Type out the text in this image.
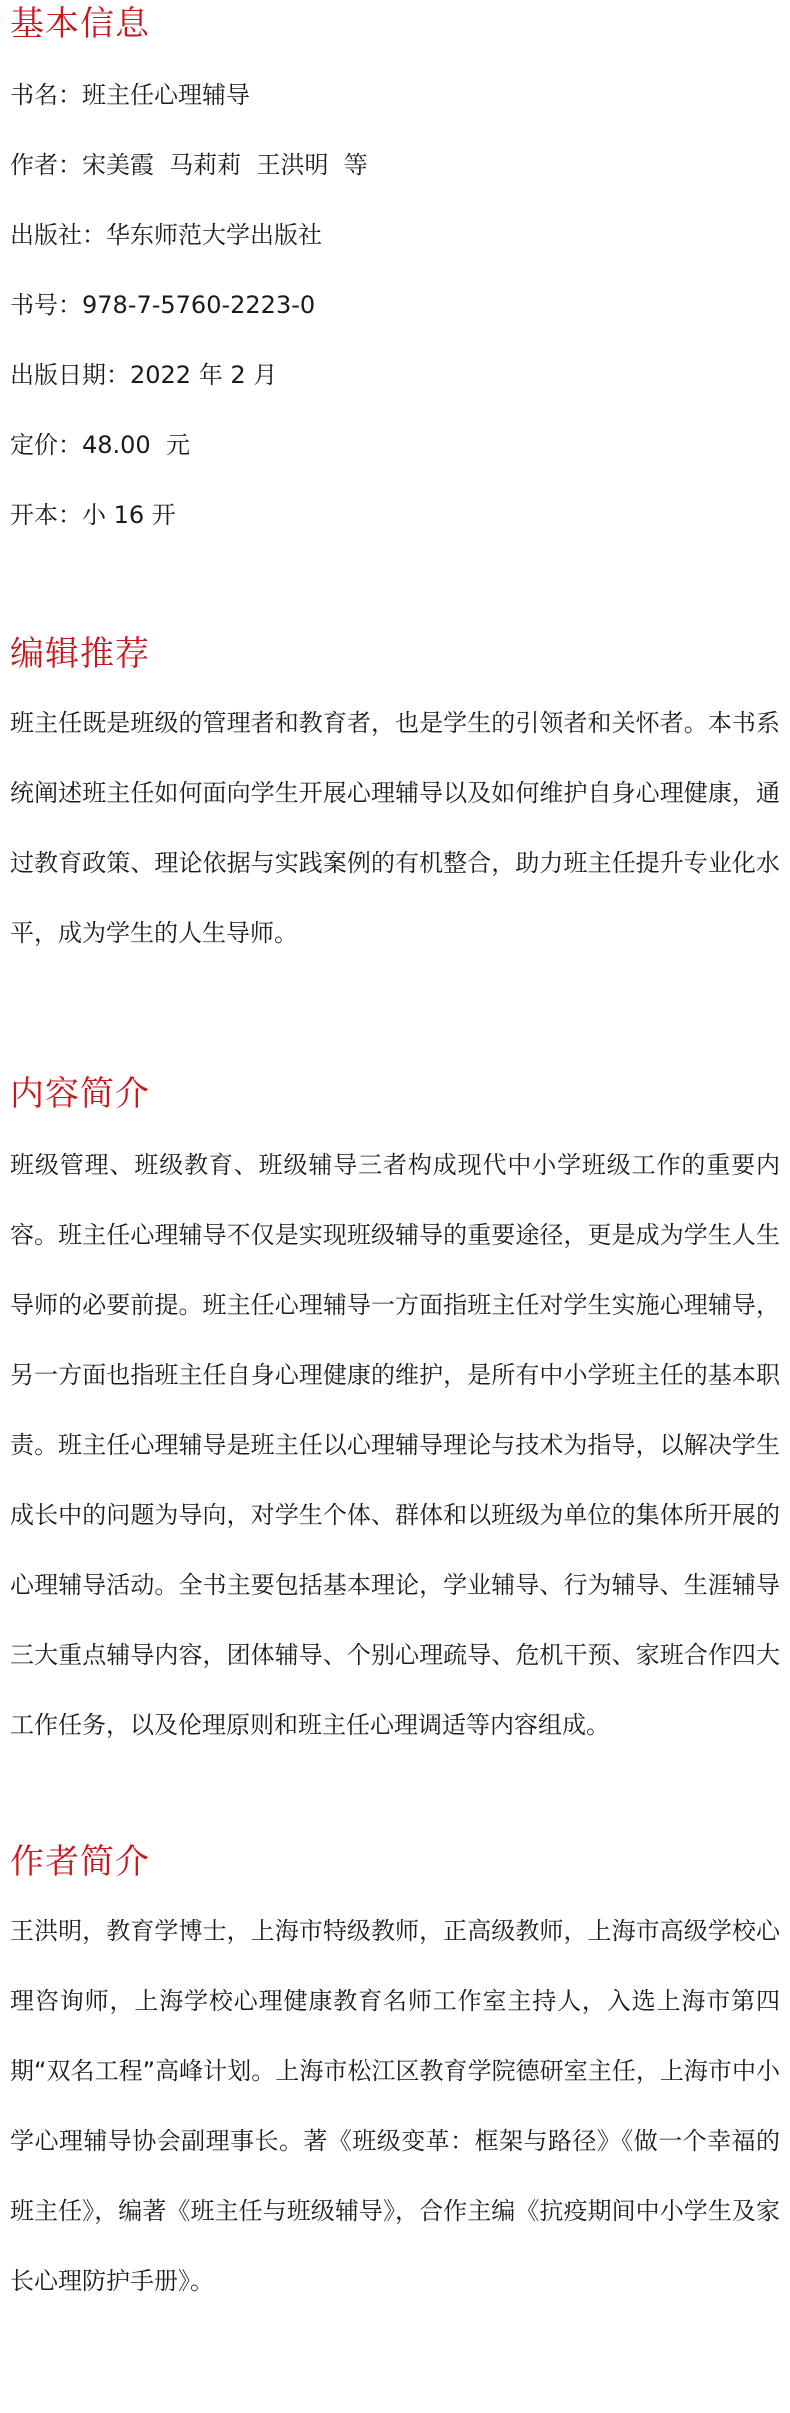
基本信息

书名：班主任心理辅导

作者：宋美霞  马莉莉  王洪明  等

出版社：华东师范大学出版社

书号：978-7-5760-2223-0

出版日期：2022 年 2 月

定价：48.00  元

开本：小 16 开

编辑推荐

班主任既是班级的管理者和教育者，也是学生的引领者和关怀者。本书系统阐述班主任如何面向学生开展心理辅导以及如何维护自身心理健康，通过教育政策、理论依据与实践案例的有机整合，助力班主任提升专业化水平，成为学生的人生导师。

内容简介

班级管理、班级教育、班级辅导三者构成现代中小学班级工作的重要内容。班主任心理辅导不仅是实现班级辅导的重要途径，更是成为学生人生导师的必要前提。班主任心理辅导一方面指班主任对学生实施心理辅导，另一方面也指班主任自身心理健康的维护，是所有中小学班主任的基本职责。班主任心理辅导是班主任以心理辅导理论与技术为指导，以解决学生成长中的问题为导向，对学生个体、群体和以班级为单位的集体所开展的心理辅导活动。全书主要包括基本理论，学业辅导、行为辅导、生涯辅导三大重点辅导内容，团体辅导、个别心理疏导、危机干预、家班合作四大工作任务，以及伦理原则和班主任心理调适等内容组成。

作者简介

王洪明，教育学博士，上海市特级教师，正高级教师，上海市高级学校心理咨询师，上海学校心理健康教育名师工作室主持人，入选上海市第四期“双名工程”高峰计划。上海市松江区教育学院德研室主任，上海市中小学心理辅导协会副理事长。著《班级变革：框架与路径》《做一个幸福的班主任》，编著《班主任与班级辅导》，合作主编《抗疫期间中小学生及家长心理防护手册》。
